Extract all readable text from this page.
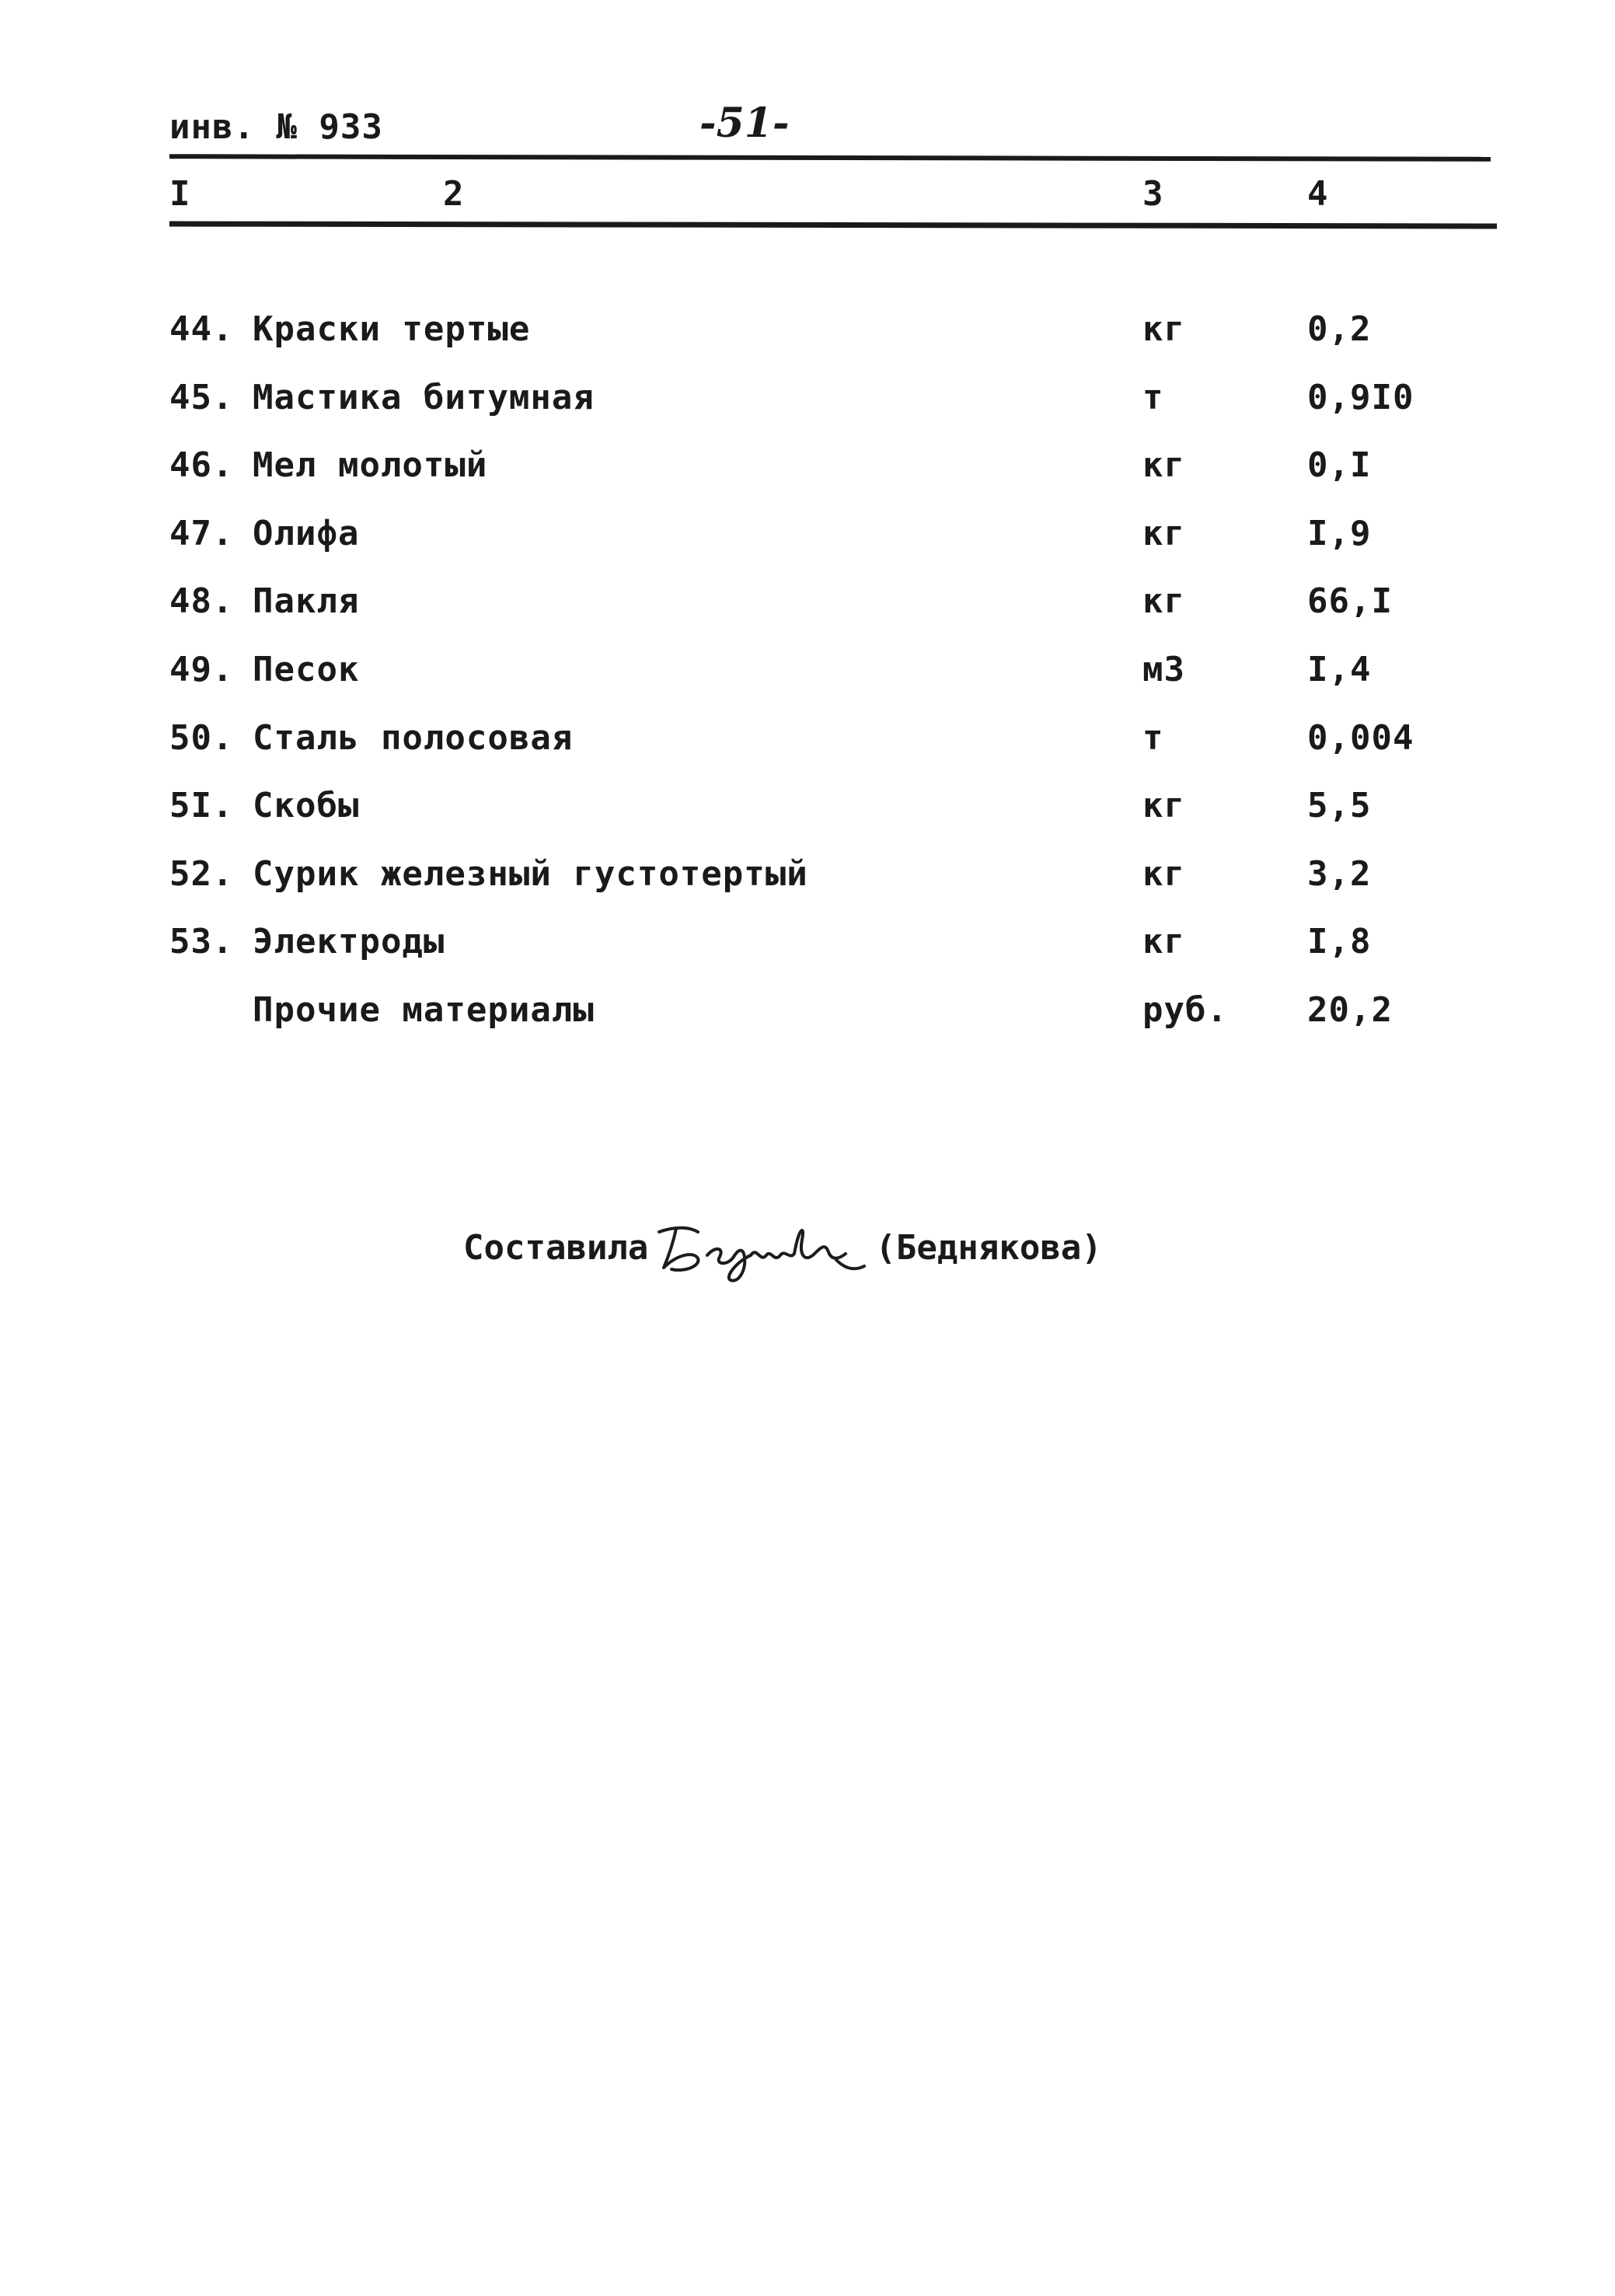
инв. № 933	-51-
I	2	3	4
44. Краски тертые	кг	0,2
45. Мастика битумная	т	0,9I0
46. Мел молотый	кг	0,I
47. Олифа	кг	I,9
48. Пакля	кг	66,I
49. Песок	м3	I,4
50. Сталь полосовая	т	0,004
5I. Скобы	кг	5,5
52. Сурик железный густотертый	кг	3,2
53. Электроды	кг	I,8
Прочие материалы	руб. 20,2
Составила	(Беднякова)
